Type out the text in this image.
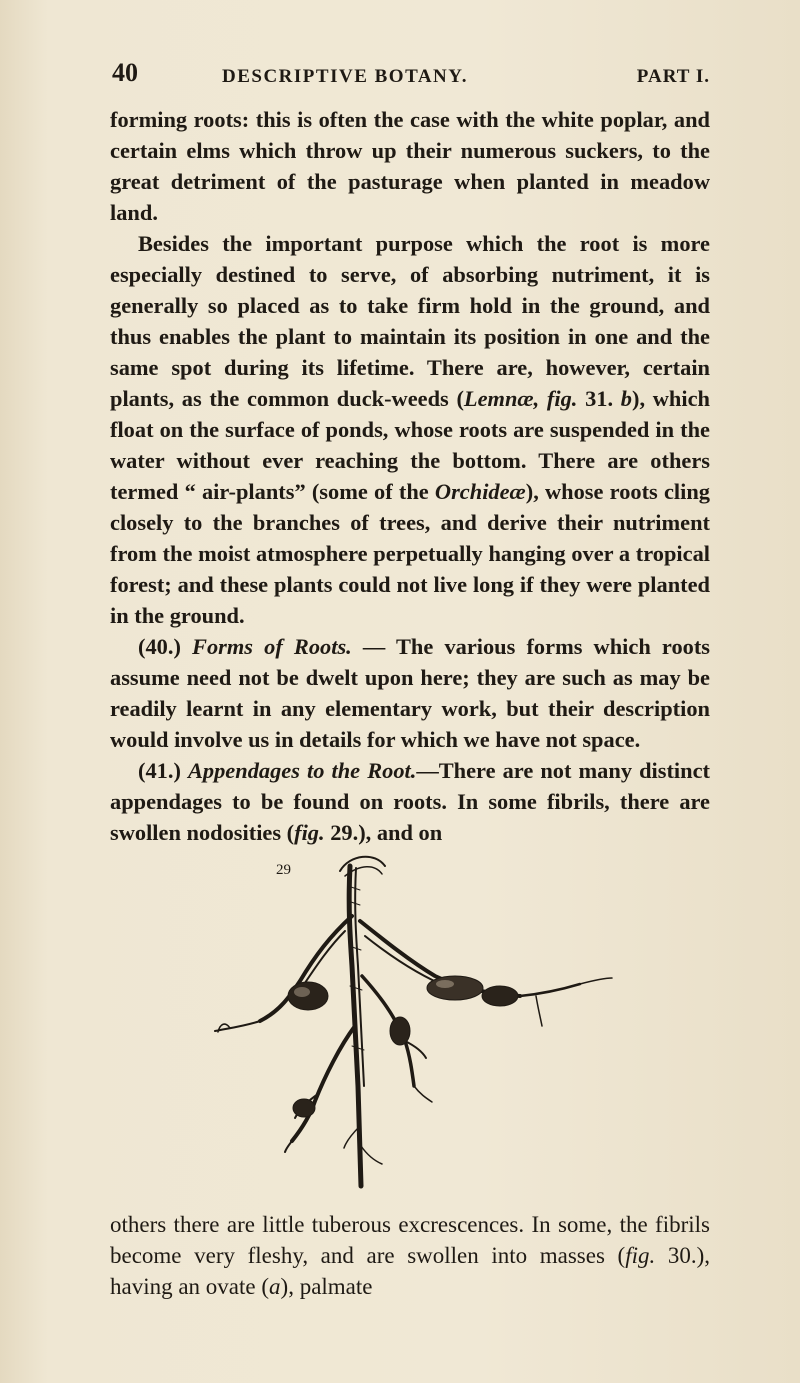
40	DESCRIPTIVE BOTANY.	PART I.

forming roots: this is often the case with the white poplar, and certain elms which throw up their numerous suckers, to the great detriment of the pasturage when planted in meadow land.

Besides the important purpose which the root is more especially destined to serve, of absorbing nutriment, it is generally so placed as to take firm hold in the ground, and thus enables the plant to maintain its position in one and the same spot during its lifetime. There are, however, certain plants, as the common duck-weeds (Lemnæ, fig. 31. b), which float on the surface of ponds, whose roots are suspended in the water without ever reaching the bottom. There are others termed “ air-plants” (some of the Orchideæ), whose roots cling closely to the branches of trees, and derive their nutriment from the moist atmosphere perpetually hanging over a tropical forest; and these plants could not live long if they were planted in the ground.

(40.) Forms of Roots. — The various forms which roots assume need not be dwelt upon here; they are such as may be readily learnt in any elementary work, but their description would involve us in details for which we have not space.

(41.) Appendages to the Root.—There are not many distinct appendages to be found on roots. In some fibrils, there are swollen nodosities (fig. 29.), and on

29

others there are little tuberous excrescences. In some, the fibrils become very fleshy, and are swollen into masses (fig. 30.), having an ovate (a), palmate
